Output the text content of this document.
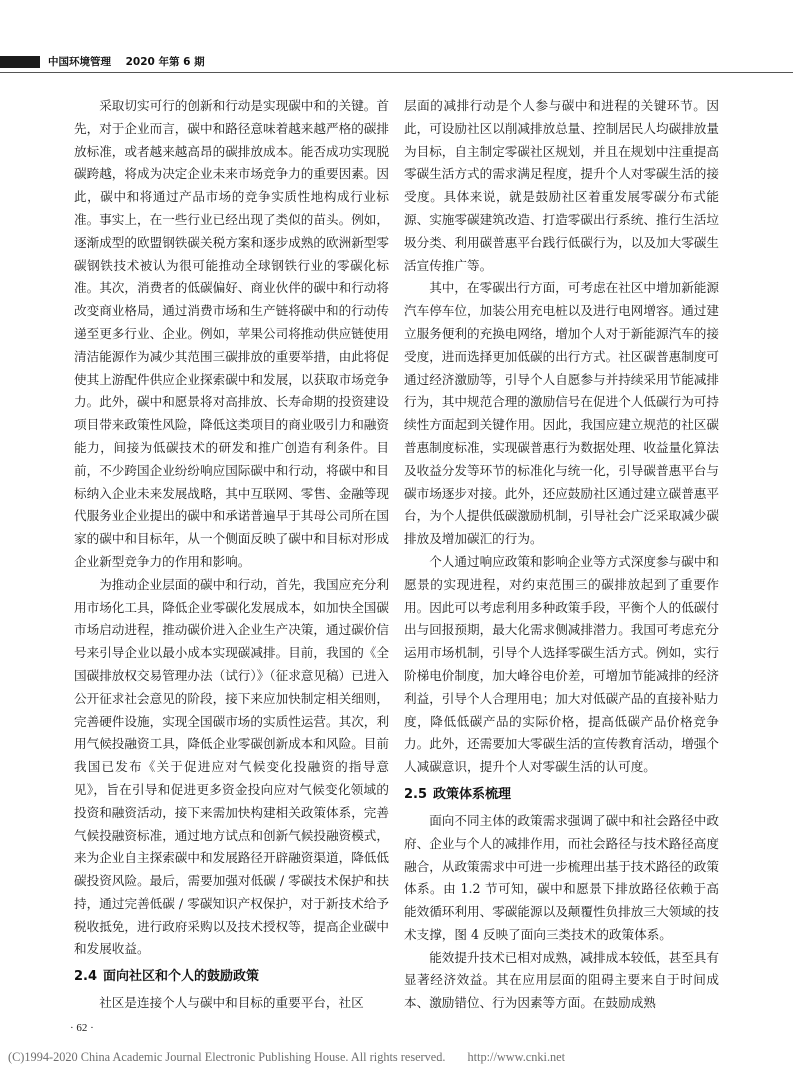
中国环境管理 2020 年第 6 期

采取切实可行的创新和行动是实现碳中和的关键。首先，对于企业而言，碳中和路径意味着越来越严格的碳排放标准，或者越来越高昂的碳排放成本。能否成功实现脱碳跨越，将成为决定企业未来市场竞争力的重要因素。因此，碳中和将通过产品市场的竞争实质性地构成行业标准。事实上，在一些行业已经出现了类似的苗头。例如，逐渐成型的欧盟钢铁碳关税方案和逐步成熟的欧洲新型零碳钢铁技术被认为很可能推动全球钢铁行业的零碳化标准。其次，消费者的低碳偏好、商业伙伴的碳中和行动将改变商业格局，通过消费市场和生产链将碳中和的行动传递至更多行业、企业。例如，苹果公司将推动供应链使用清洁能源作为减少其范围三碳排放的重要举措，由此将促使其上游配件供应企业探索碳中和发展，以获取市场竞争力。此外，碳中和愿景将对高排放、长寿命期的投资建设项目带来政策性风险，降低这类项目的商业吸引力和融资能力，间接为低碳技术的研发和推广创造有利条件。目前，不少跨国企业纷纷响应国际碳中和行动，将碳中和目标纳入企业未来发展战略，其中互联网、零售、金融等现代服务业企业提出的碳中和承诺普遍早于其母公司所在国家的碳中和目标年，从一个侧面反映了碳中和目标对形成企业新型竞争力的作用和影响。

为推动企业层面的碳中和行动，首先，我国应充分利用市场化工具，降低企业零碳化发展成本，如加快全国碳市场启动进程，推动碳价进入企业生产决策，通过碳价信号来引导企业以最小成本实现碳减排。目前，我国的《全国碳排放权交易管理办法（试行）》（征求意见稿）已进入公开征求社会意见的阶段，接下来应加快制定相关细则，完善硬件设施，实现全国碳市场的实质性运营。其次，利用气候投融资工具，降低企业零碳创新成本和风险。目前我国已发布《关于促进应对气候变化投融资的指导意见》，旨在引导和促进更多资金投向应对气候变化领域的投资和融资活动，接下来需加快构建相关政策体系，完善气候投融资标准，通过地方试点和创新气候投融资模式，来为企业自主探索碳中和发展路径开辟融资渠道，降低低碳投资风险。最后，需要加强对低碳 / 零碳技术保护和扶持，通过完善低碳 / 零碳知识产权保护，对于新技术给予税收抵免，进行政府采购以及技术授权等，提高企业碳中和发展收益。

2.4 面向社区和个人的鼓励政策

社区是连接个人与碳中和目标的重要平台，社区

层面的减排行动是个人参与碳中和进程的关键环节。因此，可设励社区以削减排放总量、控制居民人均碳排放量为目标，自主制定零碳社区规划，并且在规划中注重提高零碳生活方式的需求满足程度，提升个人对零碳生活的接受度。具体来说，就是鼓励社区着重发展零碳分布式能源、实施零碳建筑改造、打造零碳出行系统、推行生活垃圾分类、利用碳普惠平台践行低碳行为，以及加大零碳生活宣传推广等。

其中，在零碳出行方面，可考虑在社区中增加新能源汽车停车位，加装公用充电桩以及进行电网增容。通过建立服务便利的充换电网络，增加个人对于新能源汽车的接受度，进而选择更加低碳的出行方式。社区碳普惠制度可通过经济激励等，引导个人自愿参与并持续采用节能减排行为，其中规范合理的激励信号在促进个人低碳行为可持续性方面起到关键作用。因此，我国应建立规范的社区碳普惠制度标准，实现碳普惠行为数据处理、收益量化算法及收益分发等环节的标准化与统一化，引导碳普惠平台与碳市场逐步对接。此外，还应鼓励社区通过建立碳普惠平台，为个人提供低碳激励机制，引导社会广泛采取减少碳排放及增加碳汇的行为。

个人通过响应政策和影响企业等方式深度参与碳中和愿景的实现进程，对约束范围三的碳排放起到了重要作用。因此可以考虑利用多种政策手段，平衡个人的低碳付出与回报预期，最大化需求侧减排潜力。我国可考虑充分运用市场机制，引导个人选择零碳生活方式。例如，实行阶梯电价制度，加大峰谷电价差，可增加节能减排的经济利益，引导个人合理用电；加大对低碳产品的直接补贴力度，降低低碳产品的实际价格，提高低碳产品价格竞争力。此外，还需要加大零碳生活的宣传教育活动，增强个人减碳意识，提升个人对零碳生活的认可度。

2.5 政策体系梳理

面向不同主体的政策需求强调了碳中和社会路径中政府、企业与个人的减排作用，而社会路径与技术路径高度融合，从政策需求中可进一步梳理出基于技术路径的政策体系。由 1.2 节可知，碳中和愿景下排放路径依赖于高能效循环利用、零碳能源以及颠覆性负排放三大领域的技术支撑，图 4 反映了面向三类技术的政策体系。

能效提升技术已相对成熟，减排成本较低，甚至具有显著经济效益。其在应用层面的阻碍主要来自于时间成本、激励错位、行为因素等方面。在鼓励成熟

· 62 ·
(C)1994-2020 China Academic Journal Electronic Publishing House. All rights reserved. http://www.cnki.net
